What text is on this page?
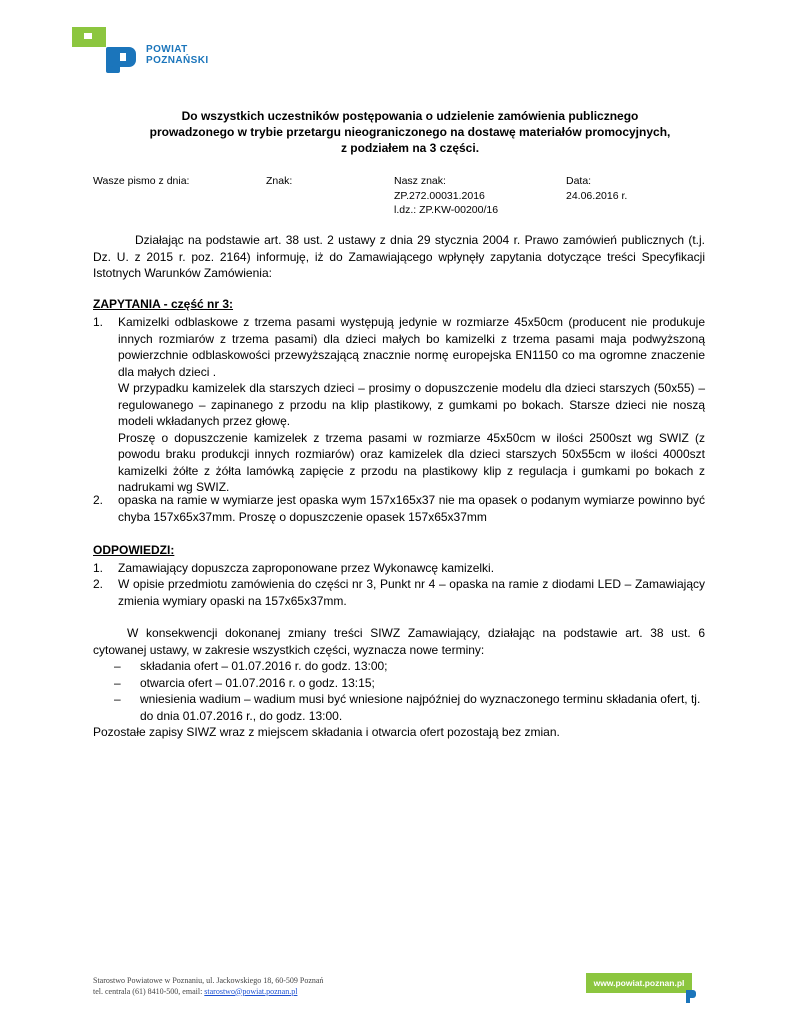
POWIAT
POZNAŃSKI
Do wszystkich uczestników postępowania o udzielenie zamówienia publicznego
prowadzonego w trybie przetargu nieograniczonego na dostawę materiałów promocyjnych,
z podziałem na 3 części.
Wasze pismo z dnia:	Znak:	Nasz znak:
ZP.272.00031.2016
l.dz.: ZP.KW-00200/16
Data:
24.06.2016 r.
Działając na podstawie art. 38 ust. 2 ustawy z dnia 29 stycznia 2004 r. Prawo zamówień publicznych (t.j. Dz. U. z 2015 r. poz. 2164) informuję, iż do Zamawiającego wpłynęły zapytania dotyczące treści Specyfikacji Istotnych Warunków Zamówienia:
ZAPYTANIA - część nr 3:
1. Kamizelki odblaskowe z trzema pasami występują jedynie w rozmiarze 45x50cm (producent nie produkuje innych rozmiarów z trzema pasami) dla dzieci małych bo kamizelki z trzema pasami maja podwyższoną powierzchnie odblaskowości przewyższającą znacznie normę europejska EN1150 co ma ogromne znaczenie dla małych dzieci .
W przypadku kamizelek dla starszych dzieci – prosimy o dopuszczenie modelu dla dzieci starszych (50x55) – regulowanego – zapinanego z przodu na klip plastikowy, z gumkami po bokach. Starsze dzieci nie noszą modeli wkładanych przez głowę.
Proszę o dopuszczenie kamizelek z trzema pasami w rozmiarze 45x50cm w ilości 2500szt wg SWIZ (z powodu braku produkcji innych rozmiarów) oraz kamizelek dla dzieci starszych 50x55cm w ilości 4000szt kamizelki żółte z żółta lamówką zapięcie z przodu na plastikowy klip z regulacja i gumkami po bokach z nadrukami wg SWIZ.
2. opaska na ramie w wymiarze jest opaska wym 157x165x37 nie ma opasek o podanym wymiarze powinno być chyba 157x65x37mm. Proszę o dopuszczenie opasek 157x65x37mm
ODPOWIEDZI:
1. Zamawiający dopuszcza zaproponowane przez Wykonawcę kamizelki.
2. W opisie przedmiotu zamówienia do części nr 3, Punkt nr 4 – opaska na ramie z diodami LED – Zamawiający zmienia wymiary opaski na 157x65x37mm.
W konsekwencji dokonanej zmiany treści SIWZ Zamawiający, działając na podstawie art. 38 ust. 6 cytowanej ustawy, w zakresie wszystkich części, wyznacza nowe terminy:
– składania ofert – 01.07.2016 r. do godz. 13:00;
– otwarcia ofert – 01.07.2016 r. o godz. 13:15;
– wniesienia wadium – wadium musi być wniesione najpóźniej do wyznaczonego terminu składania ofert, tj. do dnia 01.07.2016 r., do godz. 13:00.
Pozostałe zapisy SIWZ wraz z miejscem składania i otwarcia ofert pozostają bez zmian.
Starostwo Powiatowe w Poznaniu, ul. Jackowskiego 18, 60-509 Poznań
tel. centrala (61) 8410-500, email: starostwo@powiat.poznan.pl
www.powiat.poznan.pl
